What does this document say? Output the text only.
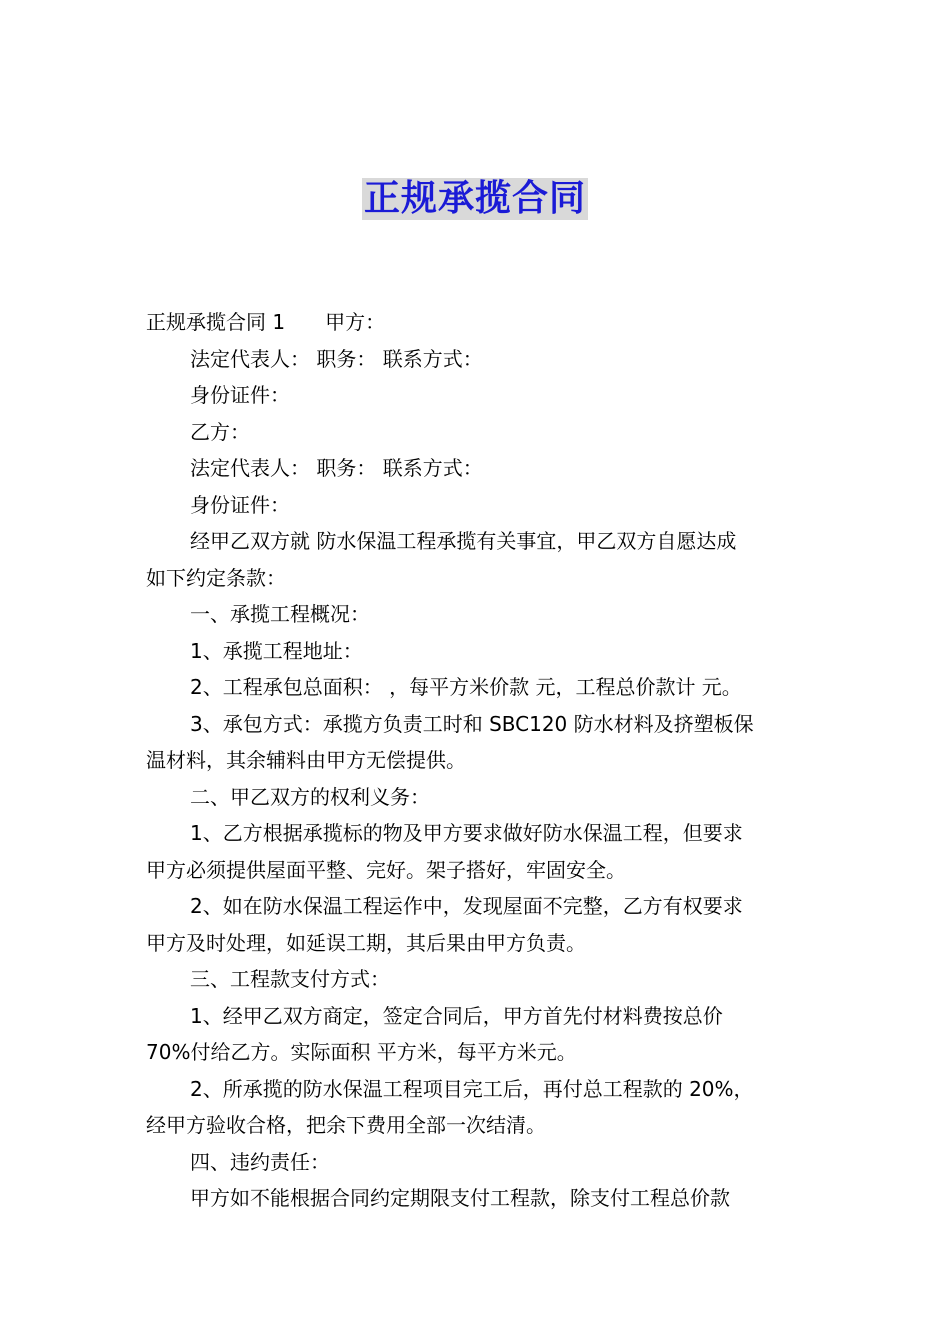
正规承揽合同
正规承揽合同 1 甲方：
法定代表人： 职务： 联系方式：
身份证件：
乙方：
法定代表人： 职务： 联系方式：
身份证件：
经甲乙双方就 防水保温工程承揽有关事宜，甲乙双方自愿达成
如下约定条款：
一、承揽工程概况：
1、承揽工程地址：
2、工程承包总面积： ，每平方米价款 元，工程总价款计 元。
3、承包方式：承揽方负责工时和 SBC120 防水材料及挤塑板保
温材料，其余辅料由甲方无偿提供。
二、甲乙双方的权利义务：
1、乙方根据承揽标的物及甲方要求做好防水保温工程，但要求
甲方必须提供屋面平整、完好。架子搭好，牢固安全。
2、如在防水保温工程运作中，发现屋面不完整，乙方有权要求
甲方及时处理，如延误工期，其后果由甲方负责。
三、工程款支付方式：
1、经甲乙双方商定，签定合同后，甲方首先付材料费按总价
70%付给乙方。实际面积 平方米，每平方米元。
2、所承揽的防水保温工程项目完工后，再付总工程款的 20%，
经甲方验收合格，把余下费用全部一次结清。
四、违约责任：
甲方如不能根据合同约定期限支付工程款，除支付工程总价款
